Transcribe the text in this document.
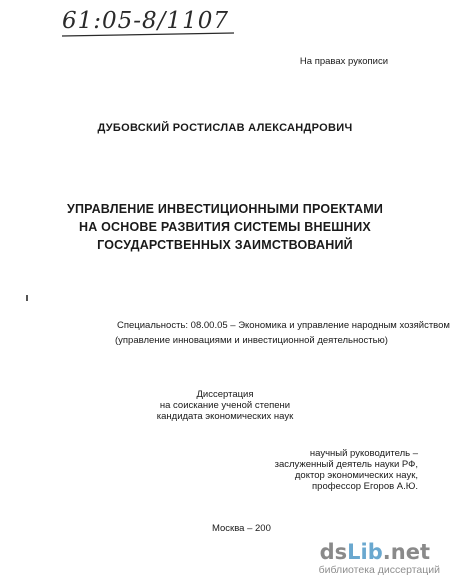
61:05-8/1107
На правах рукописи
ДУБОВСКИЙ РОСТИСЛАВ АЛЕКСАНДРОВИЧ
УПРАВЛЕНИЕ ИНВЕСТИЦИОННЫМИ ПРОЕКТАМИ
НА ОСНОВЕ РАЗВИТИЯ СИСТЕМЫ ВНЕШНИХ
ГОСУДАРСТВЕННЫХ ЗАИМСТВОВАНИЙ
Специальность: 08.00.05 – Экономика и управление народным хозяйством
(управление инновациями и инвестиционной деятельностью)
Диссертация
на соискание ученой степени
кандидата экономических наук
научный руководитель –
заслуженный деятель науки РФ,
доктор экономических наук,
профессор Егоров А.Ю.
Москва – 200
dsLib.net
библиотека диссертаций
